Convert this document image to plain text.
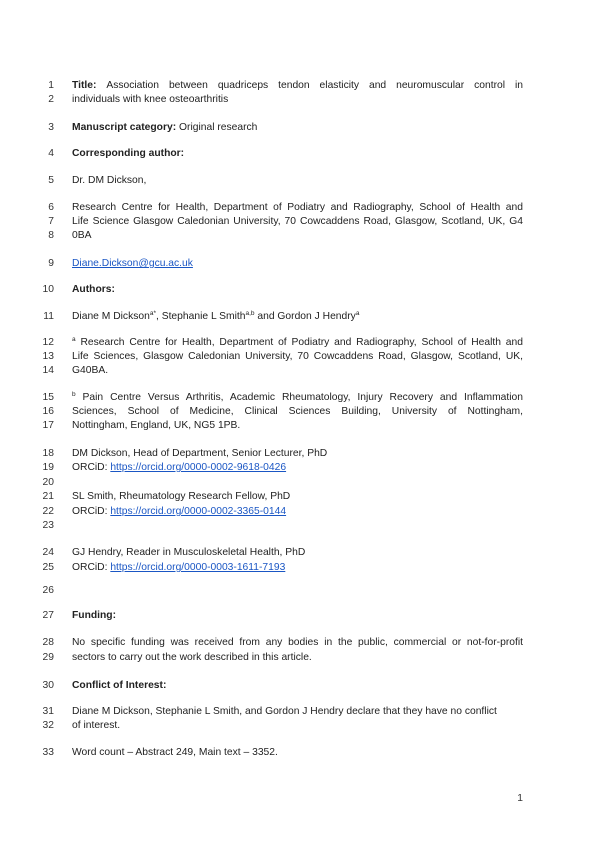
1 Title: Association between quadriceps tendon elasticity and neuromuscular control in
2 individuals with knee osteoarthritis
3 Manuscript category: Original research
4 Corresponding author:
5 Dr. DM Dickson,
6 Research Centre for Health, Department of Podiatry and Radiography, School of Health and
7 Life Science Glasgow Caledonian University, 70 Cowcaddens Road, Glasgow, Scotland, UK, G4
8 0BA
9 Diane.Dickson@gcu.ac.uk
10 Authors:
11 Diane M Dickson$^{a*}$, Stephanie L Smith$^{a,b}$ and Gordon J Hendry$^a$
12	$^a$ Research Centre for Health, Department of Podiatry and Radiography, School of Health and
13 Life Sciences, Glasgow Caledonian University, 70 Cowcaddens Road, Glasgow, Scotland, UK,
14 G40BA.
15	$^b$ Pain Centre Versus Arthritis, Academic Rheumatology, Injury Recovery and Inflammation
16 Sciences, School of Medicine, Clinical Sciences Building, University of Nottingham,
17 Nottingham, England, UK, NG5 1PB.
18 DM Dickson, Head of Department, Senior Lecturer, PhD
19 ORCiD: https://orcid.org/0000-0002-9618-0426
20
21 SL Smith, Rheumatology Research Fellow, PhD
22 ORCiD: https://orcid.org/0000-0002-3365-0144
23
24 GJ Hendry, Reader in Musculoskeletal Health, PhD
25 ORCiD: https://orcid.org/0000-0003-1611-7193
26
27 Funding:
28 No specific funding was received from any bodies in the public, commercial or not-for-profit
29 sectors to carry out the work described in this article.
30 Conflict of Interest:
31 Diane M Dickson, Stephanie L Smith, and Gordon J Hendry declare that they have no conflict
32 of interest.
33 Word count – Abstract 249, Main text – 3352.
1
